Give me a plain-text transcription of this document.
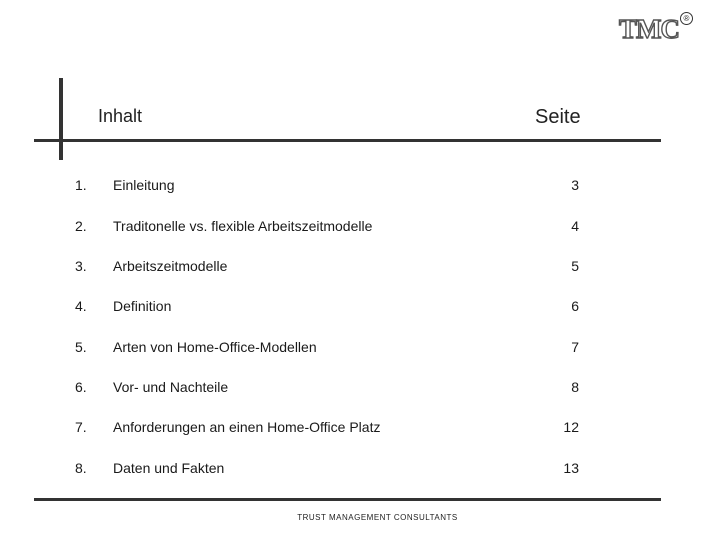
TMC ®
Inhalt	Seite
1. Einleitung	3
2. Traditonelle vs. flexible Arbeitszeitmodelle	4
3. Arbeitszeitmodelle	5
4. Definition	6
5. Arten von Home-Office-Modellen	7
6. Vor- und Nachteile	8
7. Anforderungen an einen Home-Office Platz	12
8. Daten und Fakten	13
TRUST MANAGEMENT CONSULTANTS
